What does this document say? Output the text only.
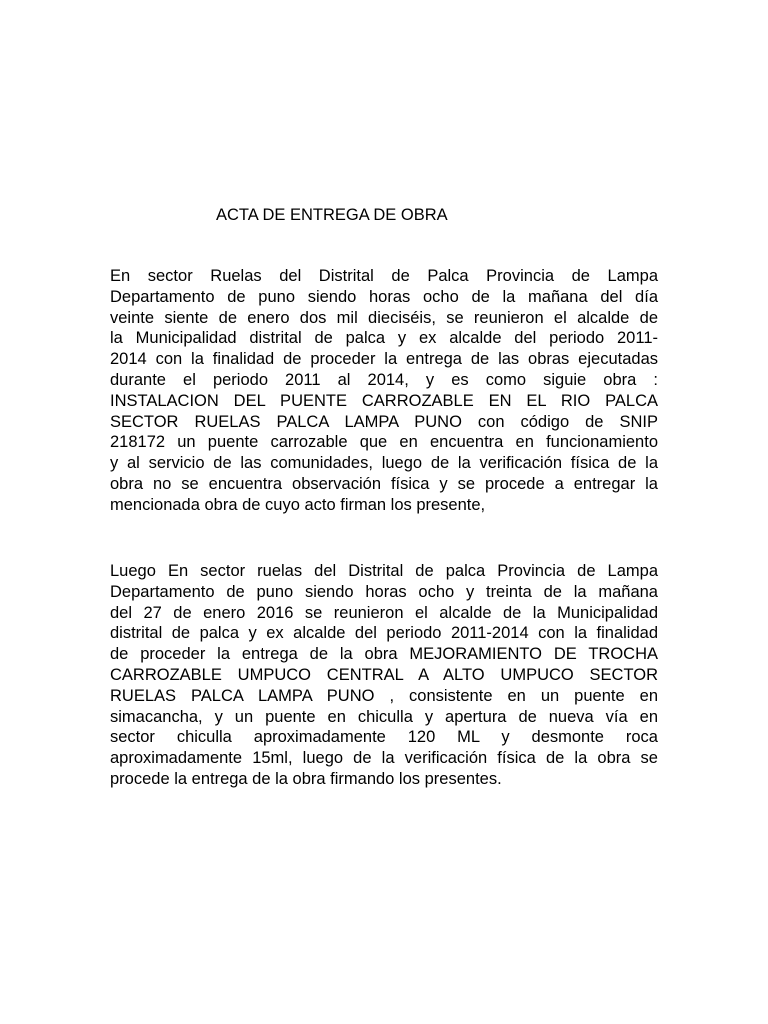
ACTA DE ENTREGA DE OBRA

En sector Ruelas del Distrital de Palca Provincia de Lampa
Departamento de puno siendo horas ocho de la mañana del día
veinte siente de enero dos mil dieciséis, se reunieron el alcalde de
la Municipalidad distrital de palca y ex alcalde del periodo 2011-
2014 con la finalidad de proceder la entrega de las obras ejecutadas
durante el periodo 2011 al 2014, y es como siguie obra :
INSTALACION DEL PUENTE CARROZABLE EN EL RIO PALCA
SECTOR RUELAS PALCA LAMPA PUNO con código de SNIP
218172 un puente carrozable que en encuentra en funcionamiento
y al servicio de las comunidades, luego de la verificación física de la
obra no se encuentra observación física y se procede a entregar la
mencionada obra de cuyo acto firman los presente,

Luego En sector ruelas del Distrital de palca Provincia de Lampa
Departamento de puno siendo horas ocho y treinta de la mañana
del 27 de enero 2016 se reunieron el alcalde de la Municipalidad
distrital de palca y ex alcalde del periodo 2011-2014 con la finalidad
de proceder la entrega de la obra MEJORAMIENTO DE TROCHA
CARROZABLE UMPUCO CENTRAL A ALTO UMPUCO SECTOR
RUELAS PALCA LAMPA PUNO , consistente en un puente en
simacancha, y un puente en chiculla y apertura de nueva vía en
sector chiculla aproximadamente 120 ML y desmonte roca
aproximadamente 15ml, luego de la verificación física de la obra se
procede la entrega de la obra firmando los presentes.
